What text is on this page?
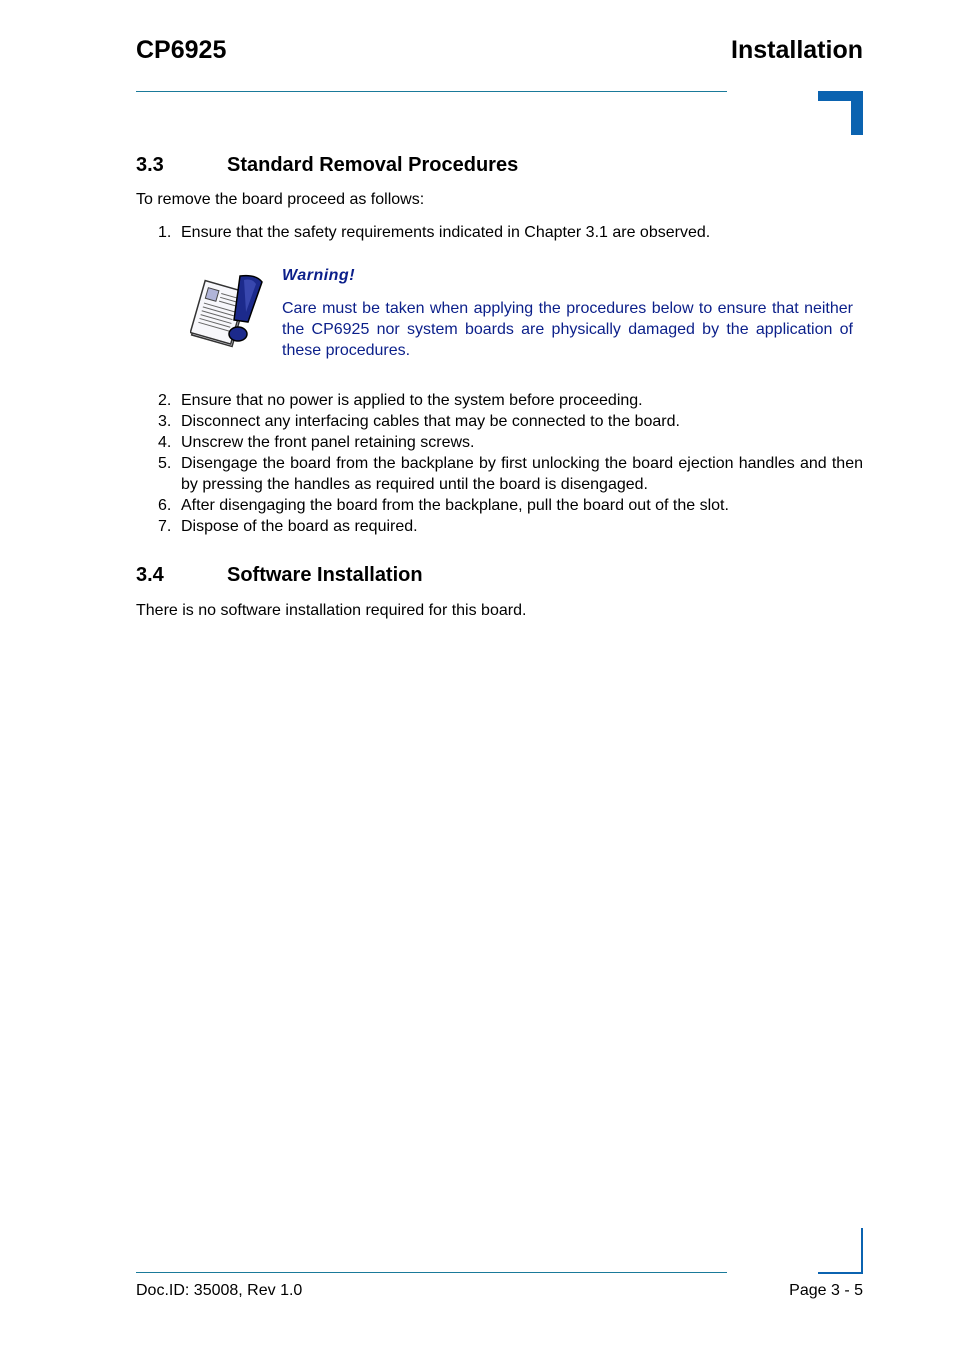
CP6925	Installation
3.3	Standard Removal Procedures

To remove the board proceed as follows:

1. Ensure that the safety requirements indicated in Chapter 3.1 are observed.
Warning!
Care must be taken when applying the procedures below to ensure that neither the CP6925 nor system boards are physically damaged by the application of these procedures.
2. Ensure that no power is applied to the system before proceeding.
3. Disconnect any interfacing cables that may be connected to the board.
4. Unscrew the front panel retaining screws.
5. Disengage the board from the backplane by first unlocking the board ejection handles and then by pressing the handles as required until the board is disengaged.
6. After disengaging the board from the backplane, pull the board out of the slot.
7. Dispose of the board as required.
3.4	Software Installation

There is no software installation required for this board.

Doc.ID: 35008, Rev 1.0	Page 3 - 5
